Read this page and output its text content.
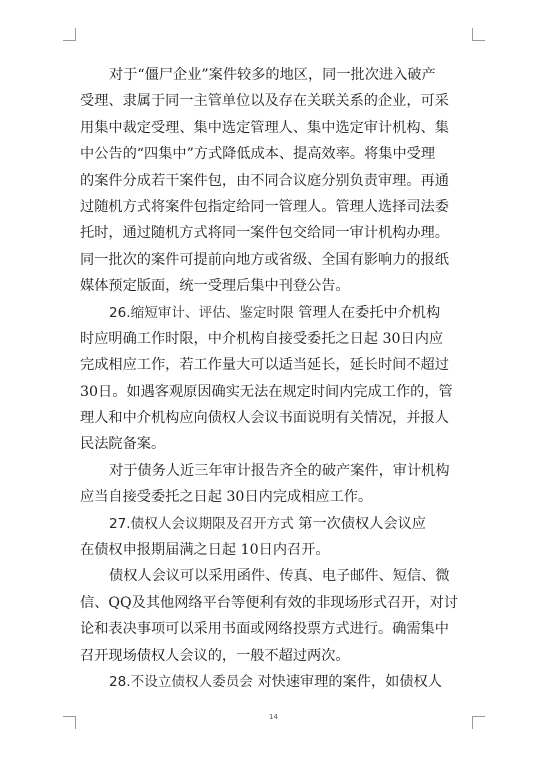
对于“僵尸企业”案件较多的地区，同一批次进入破产
受理、隶属于同一主管单位以及存在关联关系的企业，可采
用集中裁定受理、集中选定管理人、集中选定审计机构、集
中公告的“四集中”方式降低成本、提高效率。将集中受理
的案件分成若干案件包，由不同合议庭分别负责审理。再通
过随机方式将案件包指定给同一管理人。管理人选择司法委
托时，通过随机方式将同一案件包交给同一审计机构办理。
同一批次的案件可提前向地方或省级、全国有影响力的报纸
媒体预定版面，统一受理后集中刊登公告。
26.缩短审计、评估、鉴定时限 管理人在委托中介机构
时应明确工作时限，中介机构自接受委托之日起 30日内应
完成相应工作，若工作量大可以适当延长，延长时间不超过
30日。如遇客观原因确实无法在规定时间内完成工作的，管
理人和中介机构应向债权人会议书面说明有关情况，并报人
民法院备案。
对于债务人近三年审计报告齐全的破产案件，审计机构
应当自接受委托之日起 30日内完成相应工作。
27.债权人会议期限及召开方式 第一次债权人会议应
在债权申报期届满之日起 10日内召开。
债权人会议可以采用函件、传真、电子邮件、短信、微
信、QQ及其他网络平台等便利有效的非现场形式召开，对讨
论和表决事项可以采用书面或网络投票方式进行。确需集中
召开现场债权人会议的，一般不超过两次。
28.不设立债权人委员会 对快速审理的案件，如债权人
14
